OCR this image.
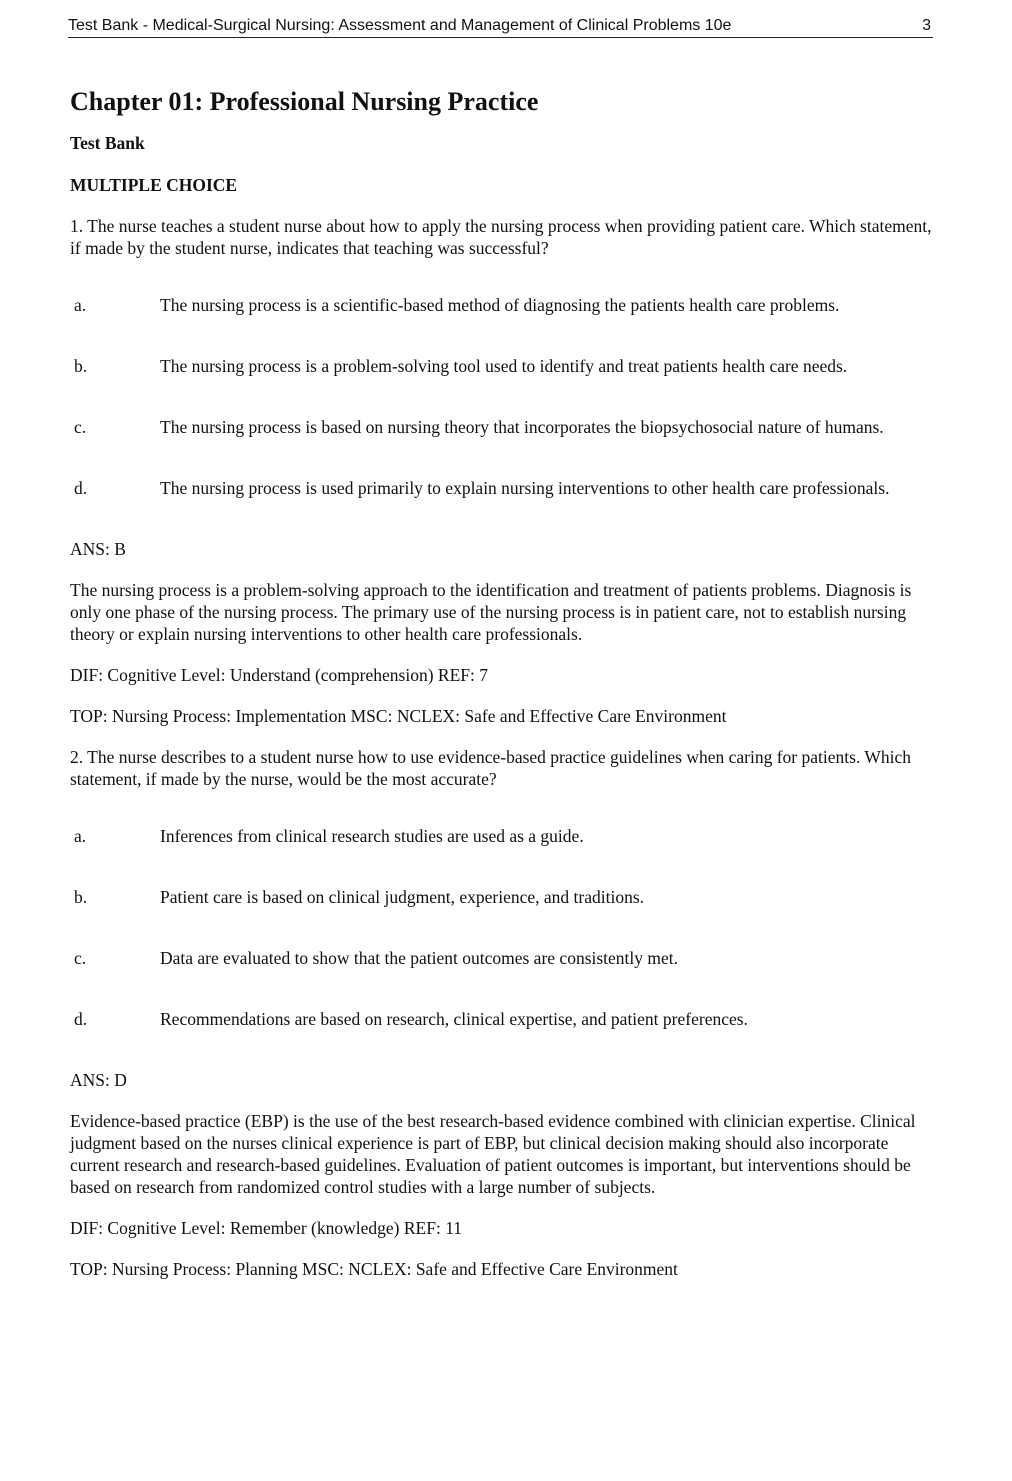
Test Bank - Medical-Surgical Nursing: Assessment and Management of Clinical Problems 10e	3
Chapter 01: Professional Nursing Practice
Test Bank
MULTIPLE CHOICE
1. The nurse teaches a student nurse about how to apply the nursing process when providing patient care. Which statement, if made by the student nurse, indicates that teaching was successful?
a.	The nursing process is a scientific-based method of diagnosing the patients health care problems.
b.	The nursing process is a problem-solving tool used to identify and treat patients health care needs.
c.	The nursing process is based on nursing theory that incorporates the biopsychosocial nature of humans.
d.	The nursing process is used primarily to explain nursing interventions to other health care professionals.
ANS: B
The nursing process is a problem-solving approach to the identification and treatment of patients problems. Diagnosis is only one phase of the nursing process. The primary use of the nursing process is in patient care, not to establish nursing theory or explain nursing interventions to other health care professionals.
DIF: Cognitive Level: Understand (comprehension) REF: 7
TOP: Nursing Process: Implementation MSC: NCLEX: Safe and Effective Care Environment
2. The nurse describes to a student nurse how to use evidence-based practice guidelines when caring for patients. Which statement, if made by the nurse, would be the most accurate?
a.	Inferences from clinical research studies are used as a guide.
b.	Patient care is based on clinical judgment, experience, and traditions.
c.	Data are evaluated to show that the patient outcomes are consistently met.
d.	Recommendations are based on research, clinical expertise, and patient preferences.
ANS: D
Evidence-based practice (EBP) is the use of the best research-based evidence combined with clinician expertise. Clinical judgment based on the nurses clinical experience is part of EBP, but clinical decision making should also incorporate current research and research-based guidelines. Evaluation of patient outcomes is important, but interventions should be based on research from randomized control studies with a large number of subjects.
DIF: Cognitive Level: Remember (knowledge) REF: 11
TOP: Nursing Process: Planning MSC: NCLEX: Safe and Effective Care Environment
